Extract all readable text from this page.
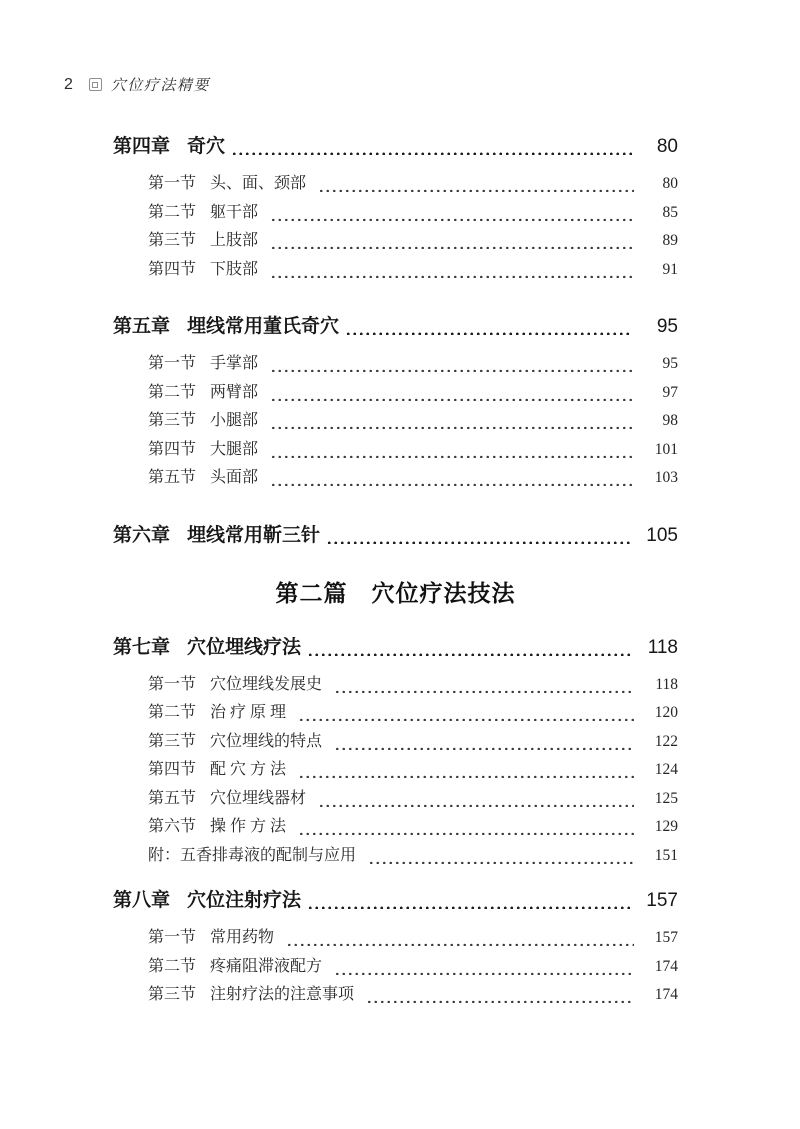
2	穴位疗法精要
第四章 奇穴	80
第一节 头、面、颈部	80
第二节 躯干部	85
第三节 上肢部	89
第四节 下肢部	91
第五章 埋线常用董氏奇穴	95
第一节 手掌部	95
第二节 两臂部	97
第三节 小腿部	98
第四节 大腿部	101
第五节 头面部	103
第六章 埋线常用靳三针	105
第二篇 穴位疗法技法
第七章 穴位埋线疗法	118
第一节 穴位埋线发展史	118
第二节 治 疗 原 理	120
第三节 穴位埋线的特点	122
第四节 配 穴 方 法	124
第五节 穴位埋线器材	125
第六节 操 作 方 法	129
附： 五香排毒液的配制与应用	151
第八章 穴位注射疗法	157
第一节 常用药物	157
第二节 疼痛阻滞液配方	174
第三节 注射疗法的注意事项	174
